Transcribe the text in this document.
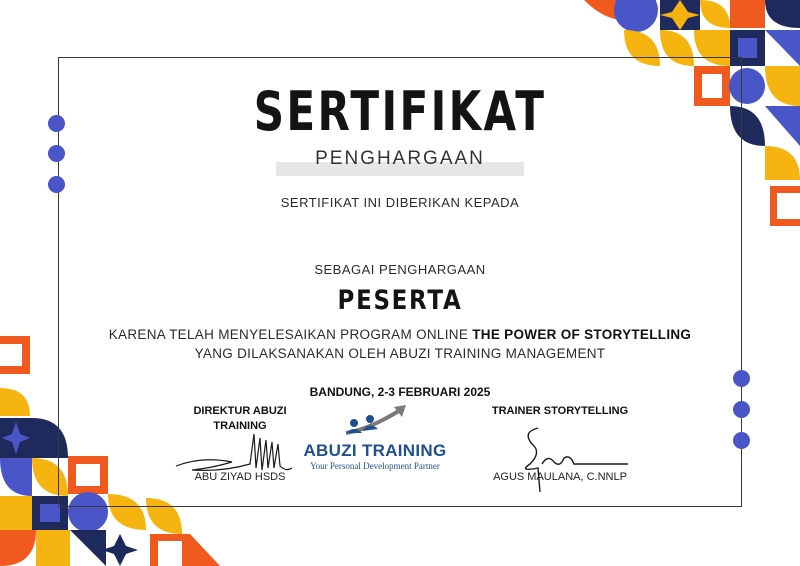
SERTIFIKAT
PENGHARGAAN
SERTIFIKAT INI DIBERIKAN KEPADA
SEBAGAI PENGHARGAAN
PESERTA
KARENA TELAH MENYELESAIKAN PROGRAM ONLINE THE POWER OF STORYTELLING
YANG DILAKSANAKAN OLEH ABUZI TRAINING MANAGEMENT
BANDUNG, 2-3 FEBRUARI 2025
DIREKTUR ABUZI TRAINING
ABU ZIYAD HSDS
ABUZI TRAINING
Your Personal Development Partner
TRAINER STORYTELLING
AGUS MAULANA, C.NNLP
